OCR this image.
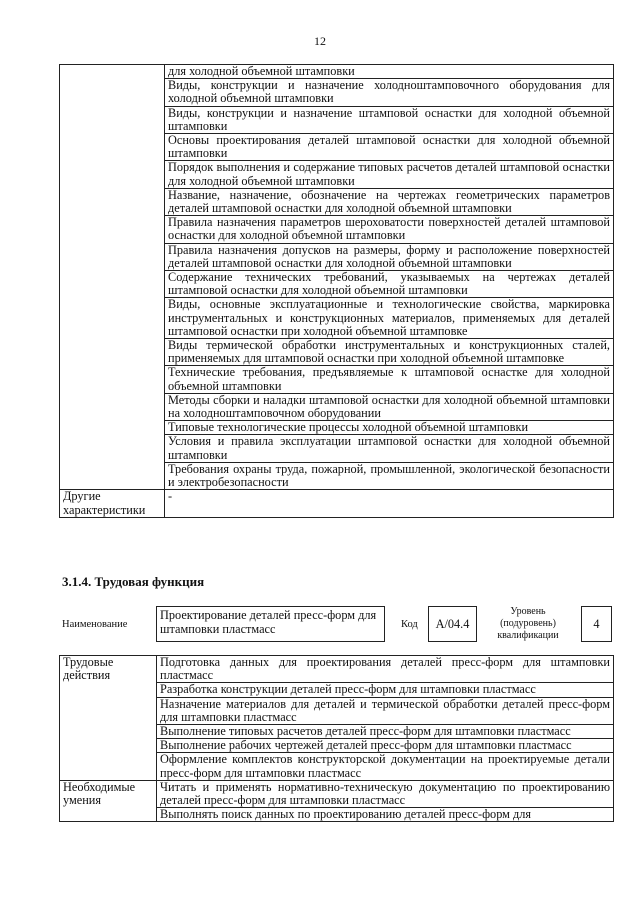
12
	для холодной объемной штамповки
	Виды, конструкции и назначение холодноштамповочного оборудования для холодной объемной штамповки
	Виды, конструкции и назначение штамповой оснастки для холодной объемной штамповки
	Основы проектирования деталей штамповой оснастки для холодной объемной штамповки
	Порядок выполнения и содержание типовых расчетов деталей штамповой оснастки для холодной объемной штамповки
	Название, назначение, обозначение на чертежах геометрических параметров деталей штамповой оснастки для холодной объемной штамповки
	Правила назначения параметров шероховатости поверхностей деталей штамповой оснастки для холодной объемной штамповки
	Правила назначения допусков на размеры, форму и расположение поверхностей деталей штамповой оснастки для холодной объемной штамповки
	Содержание технических требований, указываемых на чертежах деталей штамповой оснастки для холодной объемной штамповки
	Виды, основные эксплуатационные и технологические свойства, маркировка инструментальных и конструкционных материалов, применяемых для деталей штамповой оснастки при холодной объемной штамповке
	Виды термической обработки инструментальных и конструкционных сталей, применяемых для штамповой оснастки при холодной объемной штамповке
	Технические требования, предъявляемые к штамповой оснастке для холодной объемной штамповки
	Методы сборки и наладки штамповой оснастки для холодной объемной штамповки на холодноштамповочном оборудовании
	Типовые технологические процессы холодной объемной штамповки
	Условия и правила эксплуатации штамповой оснастки для холодной объемной штамповки
	Требования охраны труда, пожарной, промышленной, экологической безопасности и электробезопасности
Другие характеристики	-
3.1.4. Трудовая функция
Наименование
Проектирование деталей пресс-форм для штамповки пластмасс	Код	A/04.4
Уровень (подуровень) квалификации
4
Трудовые действия	Подготовка данных для проектирования деталей пресс-форм для штамповки пластмасс
	Разработка конструкции деталей пресс-форм для штамповки пластмасс
	Назначение материалов для деталей и термической обработки деталей пресс-форм для штамповки пластмасс
	Выполнение типовых расчетов деталей пресс-форм для штамповки пластмасс
	Выполнение рабочих чертежей деталей пресс-форм для штамповки пластмасс
	Оформление комплектов конструкторской документации на проектируемые детали пресс-форм для штамповки пластмасс
Необходимые умения	Читать и применять нормативно-техническую документацию по проектированию деталей пресс-форм для штамповки пластмасс
	Выполнять поиск данных по проектированию деталей пресс-форм для
